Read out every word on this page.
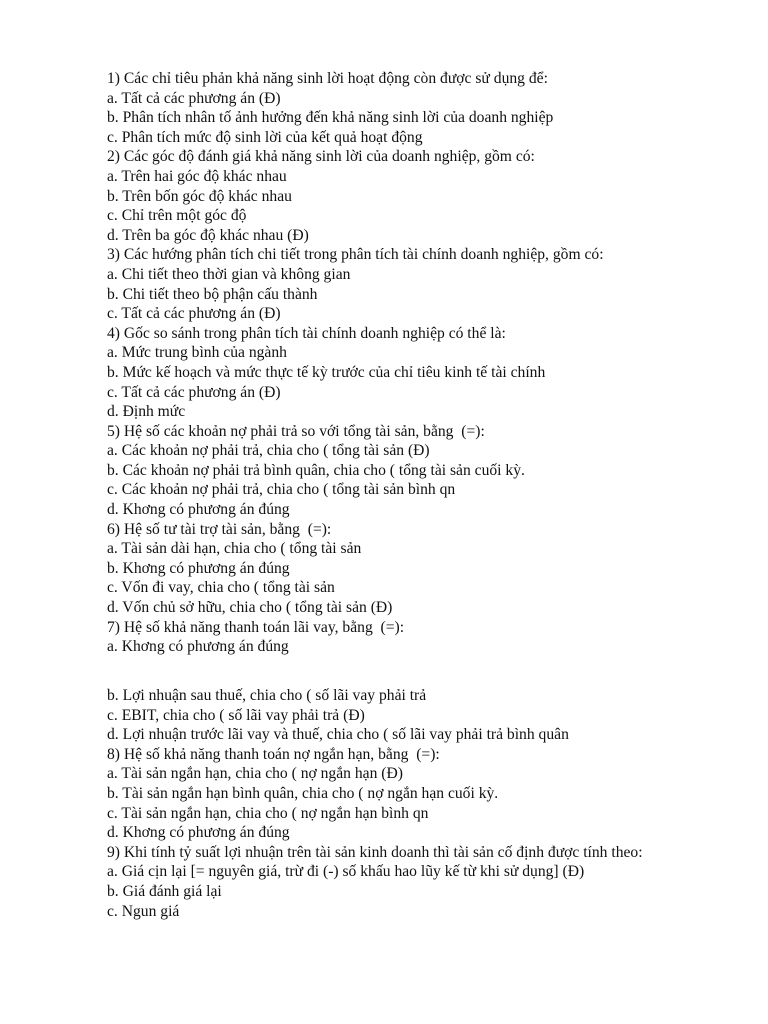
1) Các chỉ tiêu phản khả năng sinh lời hoạt động còn được sử dụng để:
a. Tất cả các phương án (Đ)
b. Phân tích nhân tố ảnh hưởng đến khả năng sinh lời của doanh nghiệp
c. Phân tích mức độ sinh lời của kết quả hoạt động
2) Các góc độ đánh giá khả năng sinh lời của doanh nghiệp, gồm có:
a. Trên hai góc độ khác nhau
b. Trên bốn góc độ khác nhau
c. Chỉ trên một góc độ
d. Trên ba góc độ khác nhau (Đ)
3) Các hướng phân tích chi tiết trong phân tích tài chính doanh nghiệp, gồm có:
a. Chi tiết theo thời gian và không gian
b. Chi tiết theo bộ phận cấu thành
c. Tất cả các phương án (Đ)
4) Gốc so sánh trong phân tích tài chính doanh nghiệp có thể là:
a. Mức trung bình của ngành
b. Mức kế hoạch và mức thực tế kỳ trước của chỉ tiêu kinh tế tài chính
c. Tất cả các phương án (Đ)
d. Định mức
5) Hệ số các khoản nợ phải trả so với tổng tài sản, bằng  (=):
a. Các khoản nợ phải trả, chia cho ( tổng tài sản (Đ)
b. Các khoản nợ phải trả bình quân, chia cho ( tổng tài sản cuối kỳ.
c. Các khoản nợ phải trả, chia cho ( tổng tài sản bình qn
d. Khơng có phương án đúng
6) Hệ số tư tài trợ tài sản, bằng  (=):
a. Tài sản dài hạn, chia cho ( tổng tài sản
b. Khơng có phương án đúng
c. Vốn đi vay, chia cho ( tổng tài sản
d. Vốn chủ sở hữu, chia cho ( tổng tài sản (Đ)
7) Hệ số khả năng thanh toán lãi vay, bằng  (=):
a. Khơng có phương án đúng
b. Lợi nhuận sau thuế, chia cho ( số lãi vay phải trả
c. EBIT, chia cho ( số lãi vay phải trả (Đ)
d. Lợi nhuận trước lãi vay và thuế, chia cho ( số lãi vay phải trả bình quân
8) Hệ số khả năng thanh toán nợ ngắn hạn, bằng  (=):
a. Tài sản ngắn hạn, chia cho ( nợ ngắn hạn (Đ)
b. Tài sản ngắn hạn bình quân, chia cho ( nợ ngắn hạn cuối kỳ.
c. Tài sản ngắn hạn, chia cho ( nợ ngắn hạn bình qn
d. Khơng có phương án đúng
9) Khi tính tỷ suất lợi nhuận trên tài sản kinh doanh thì tài sản cố định được tính theo:
a. Giá cịn lại [= nguyên giá, trừ đi (-) số khấu hao lũy kế từ khi sử dụng] (Đ)
b. Giá đánh giá lại
c. Ngun giá
